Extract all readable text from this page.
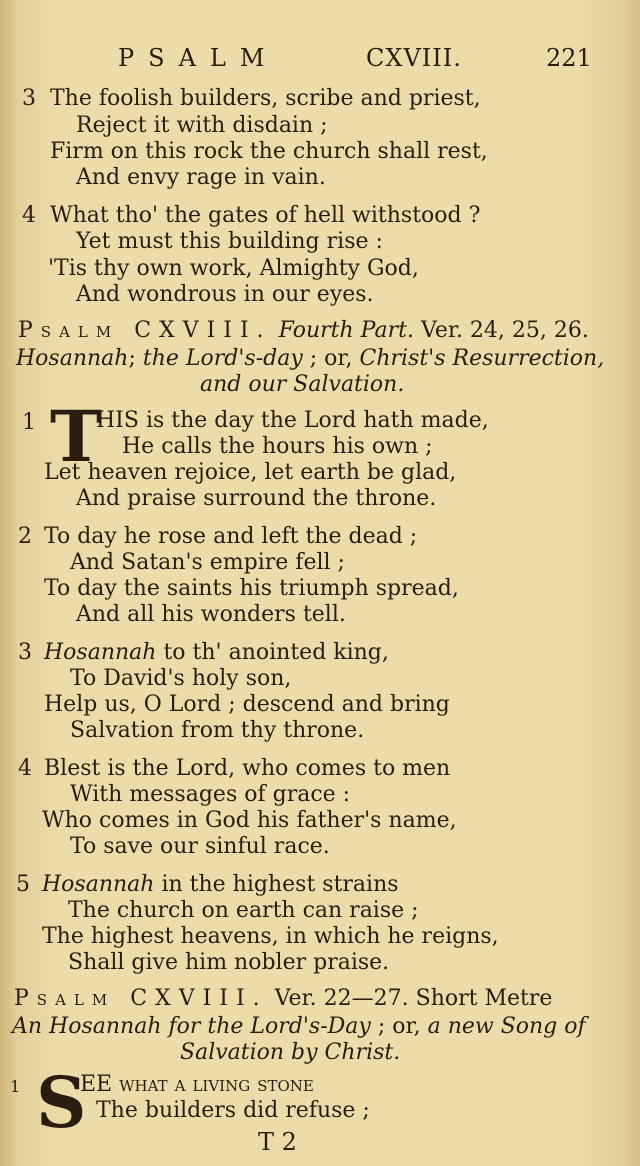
PSALM	CXVIII.	221
3 The foolish builders, scribe and priest,
Reject it with disdain ;
Firm on this rock the church shall rest,
And envy rage in vain.
4 What tho' the gates of hell withstood ?
Yet must this building rise :
'Tis thy own work, Almighty God,
And wondrous in our eyes.
Psalm CXVIII. Fourth Part. Ver. 24, 25, 26.
Hosannah; the Lord's-day ; or, Christ's Resurrection,
and our Salvation.
1 T
HIS is the day the Lord hath made,
He calls the hours his own ;
Let heaven rejoice, let earth be glad,
And praise surround the throne.
2 To day he rose and left the dead ;
And Satan's empire fell ;
To day the saints his triumph spread,
And all his wonders tell.
3 Hosannah to th' anointed king,
To David's holy son,
Help us, O Lord ; descend and bring
Salvation from thy throne.
4 Blest is the Lord, who comes to men
With messages of grace :
Who comes in God his father's name,
To save our sinful race.
5 Hosannah in the highest strains
The church on earth can raise ;
The highest heavens, in which he reigns,
Shall give him nobler praise.
Psalm CXVIII. Ver. 22—27. Short Metre
An Hosannah for the Lord's-Day ; or, a new Song of
Salvation by Christ.
1 S
EE what a living stone
The builders did refuse ;
T 2
